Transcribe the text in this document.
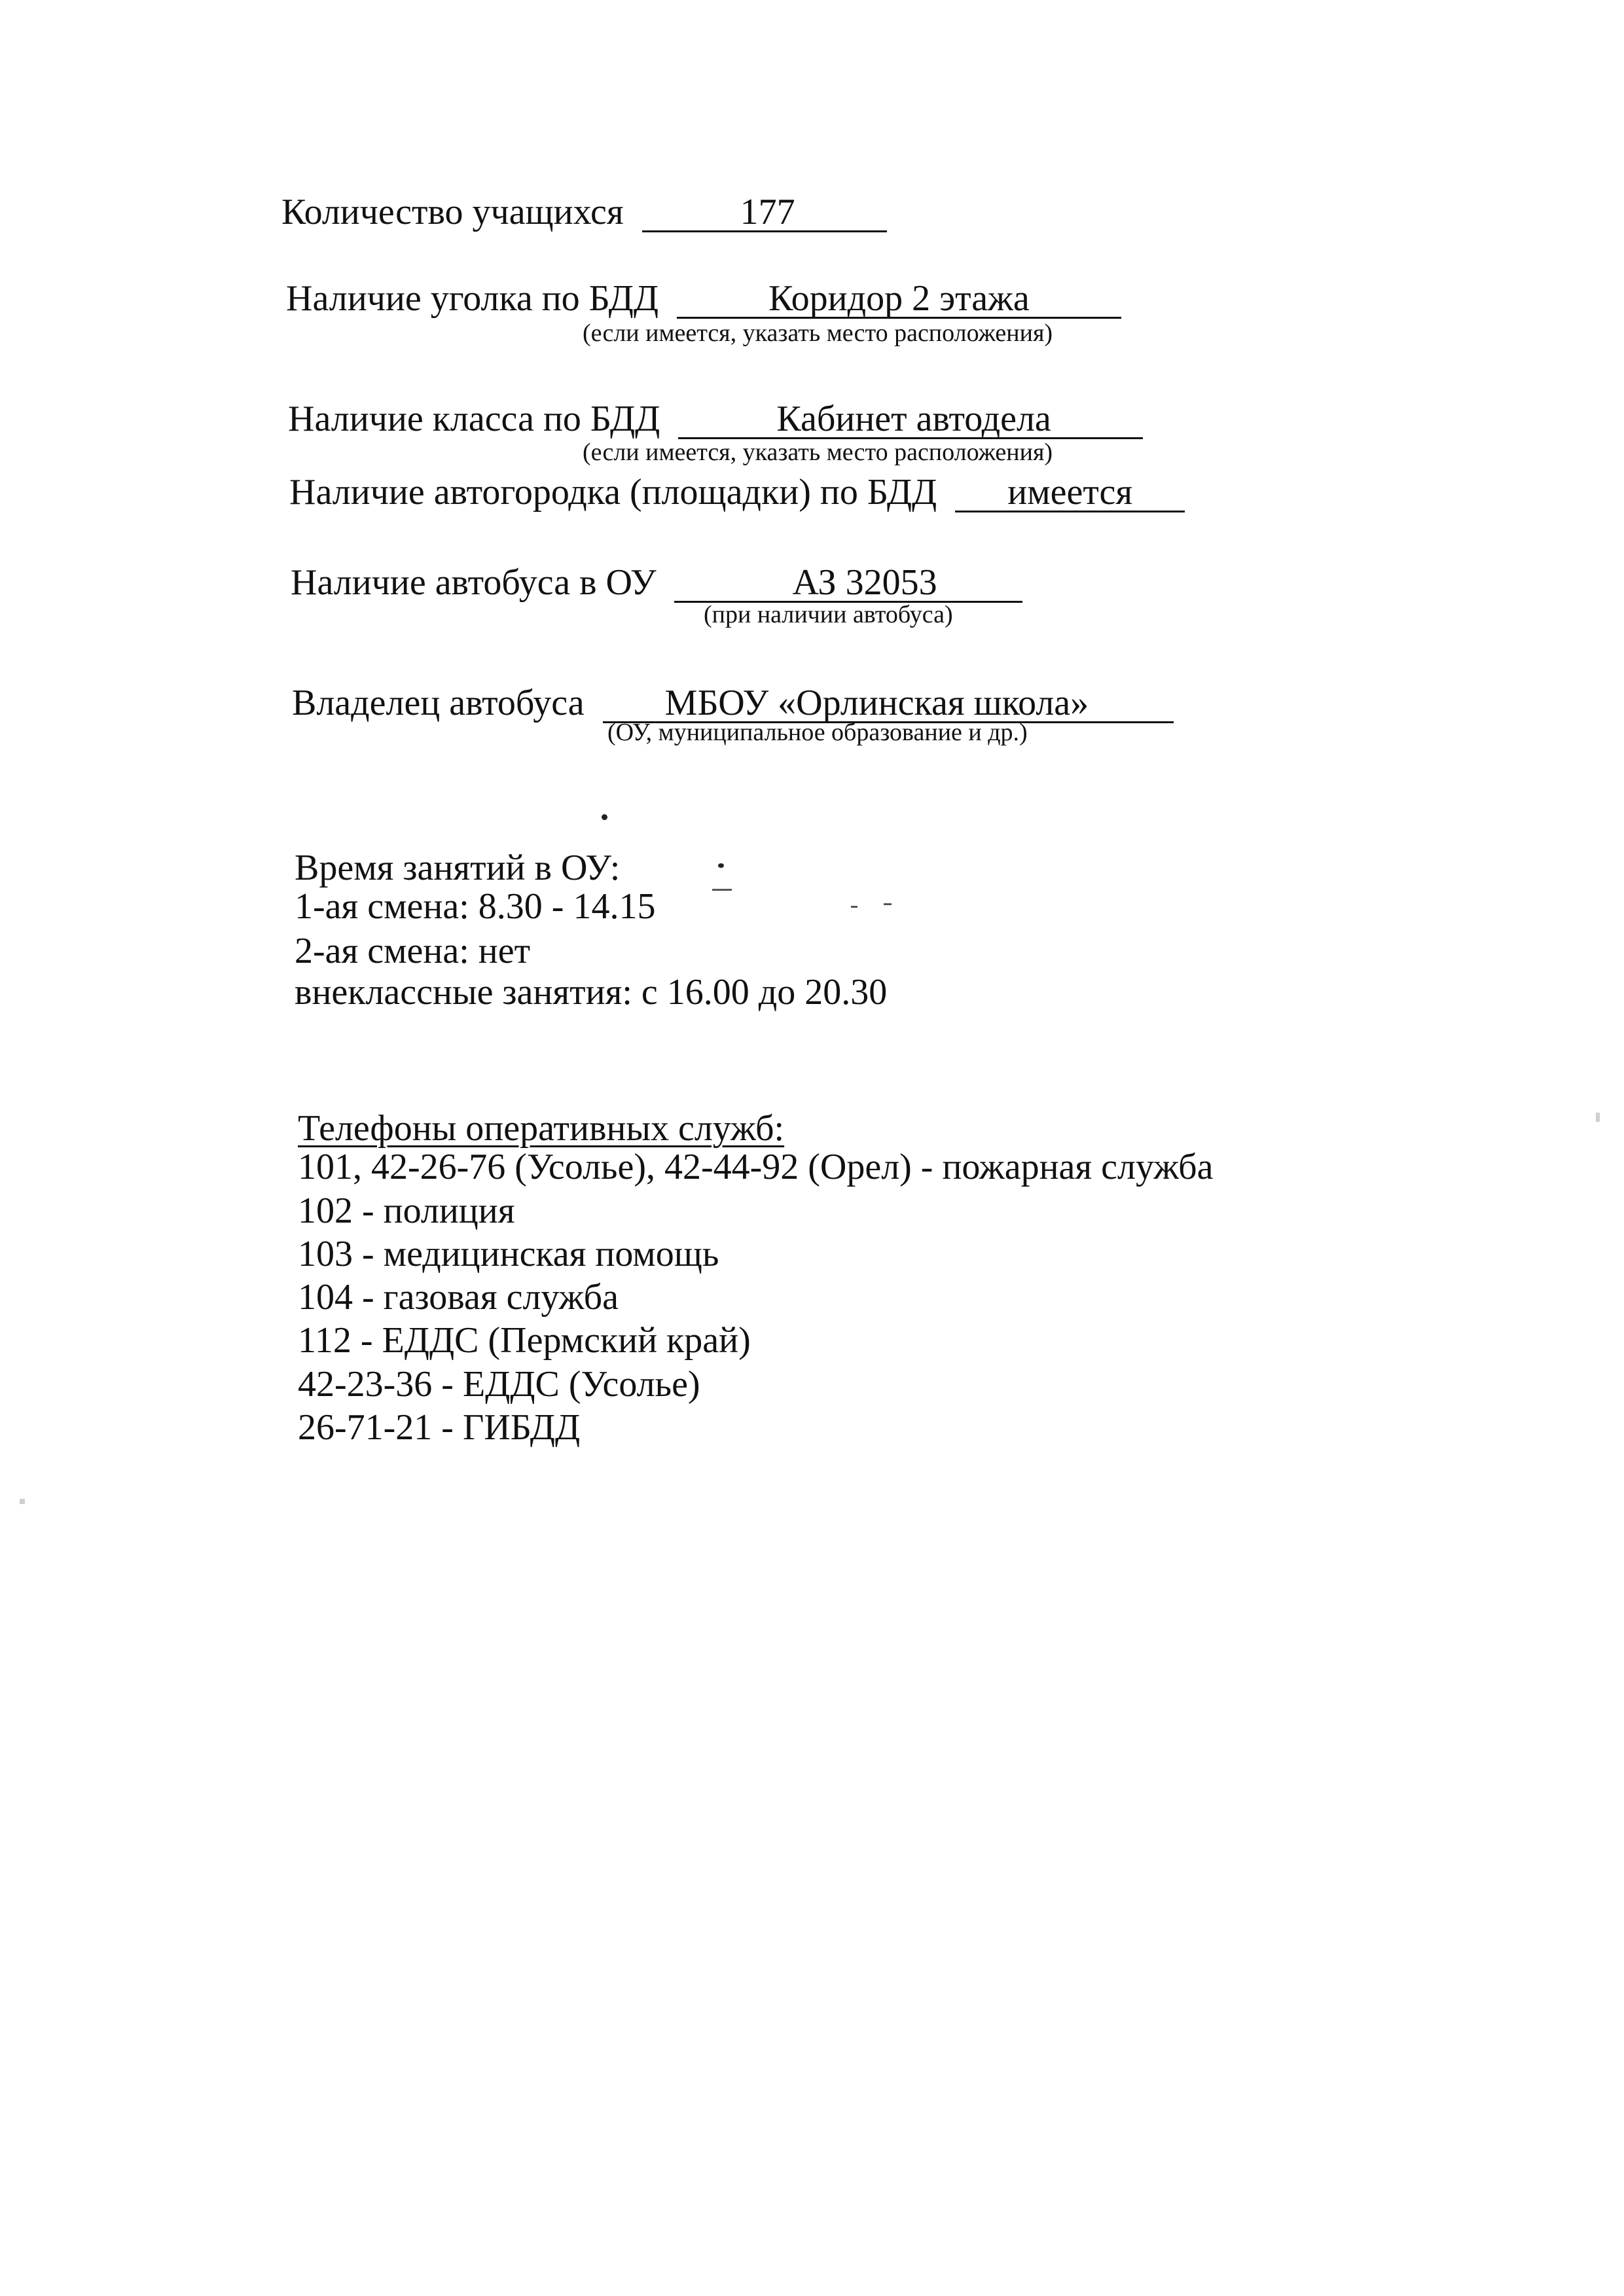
Количество учащихся	177
Наличие уголка по БДД	Коридор 2 этажа
(если имеется, указать место расположения)
Наличие класса по БДД	Кабинет автодела
(если имеется, указать место расположения)
Наличие автогородка (площадки) по БДД имеется
Наличие автобуса в ОУ	АЗ 32053
(при наличии автобуса)
Владелец автобуса МБОУ «Орлинская школа»
(ОУ, муниципальное образование и др.)
Время занятий в ОУ:
1-ая смена: 8.30 - 14.15
2-ая смена: нет
внеклассные занятия: с 16.00 до 20.30
Телефоны оперативных служб:
101, 42-26-76 (Усолье), 42-44-92 (Орел) - пожарная служба
102 - полиция
103 - медицинская помощь
104 - газовая служба
112 - ЕДДС (Пермский край)
42-23-36 - ЕДДС (Усолье)
26-71-21 - ГИБДД
